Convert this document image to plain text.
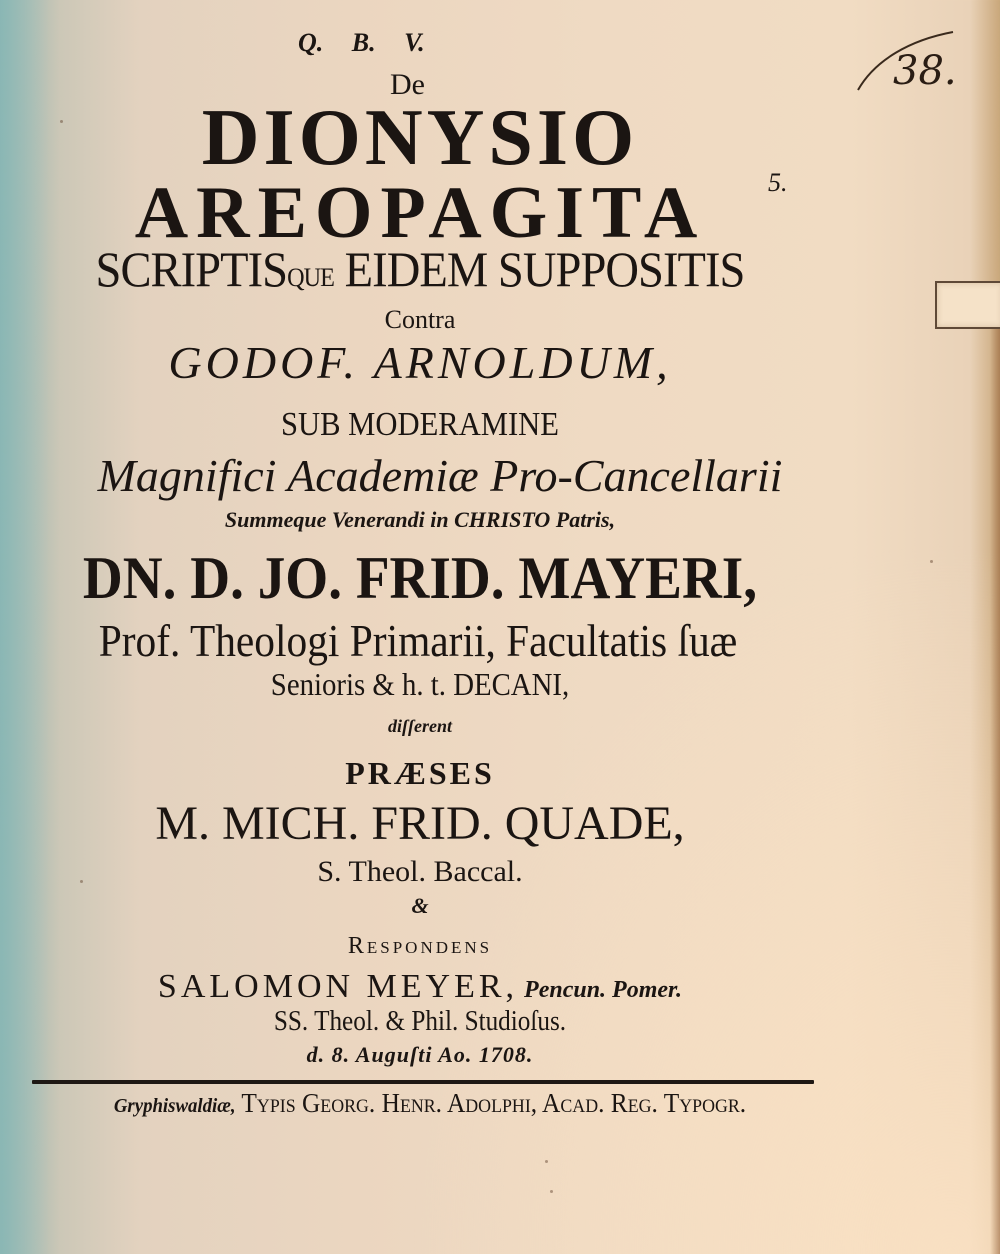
38.
Q. B. V.
De
DIONYSIO
AREOPAGITA	5.
SCRIPTISQUE EIDEM SUPPOSITIS
Contra
GODOF. ARNOLDUM,
SUB MODERAMINE
Magnifici Academiæ Pro-Cancellarii
Summeque Venerandi in CHRISTO Patris,
DN. D. JO. FRID. MAYERI,
Prof. Theologi Primarii, Facultatis ſuæ
Senioris & h. t. DECANI,
diſſerent
PRÆSES
M. MICH. FRID. QUADE,
S. Theol. Baccal.
&
Respondens
SALOMON MEYER, Pencun. Pomer.
SS. Theol. & Phil. Studioſus.
d. 8. Auguſti Ao. 1708.
Gryphiswaldiæ, Typis Georg. Henr. Adolphi, Acad. Reg. Typogr.
